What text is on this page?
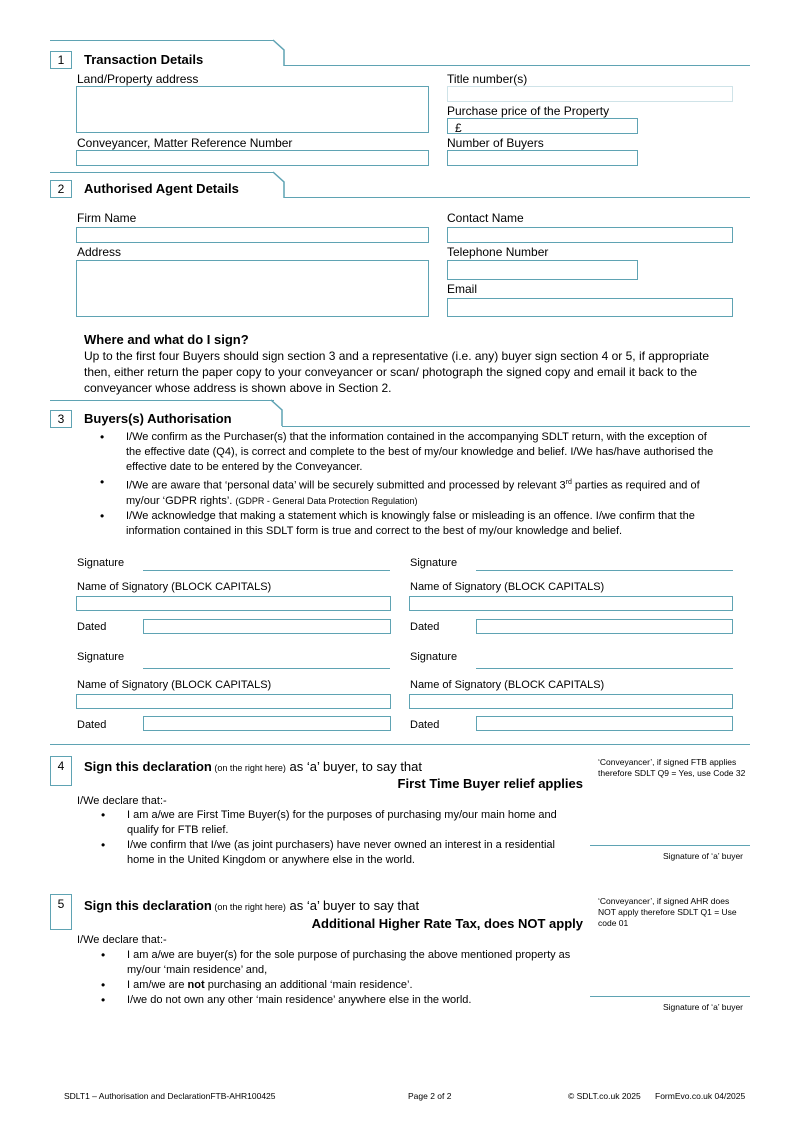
1	Transaction Details
Land/Property address	Title number(s)
Purchase price of the Property
£
Conveyancer, Matter Reference Number	Number of Buyers
2	Authorised Agent Details
Firm Name	Contact Name
Address	Telephone Number
Email
Where and what do I sign?
Up to the first four Buyers should sign section 3 and a representative (i.e. any) buyer sign section 4 or 5, if appropriate then, either return the paper copy to your conveyancer or scan/ photograph the signed copy and email it back to the conveyancer whose address is shown above in Section 2.
3	Buyers(s) Authorisation
• I/We confirm as the Purchaser(s) that the information contained in the accompanying SDLT return, with the exception of the effective date (Q4), is correct and complete to the best of my/our knowledge and belief. I/We has/have authorised the effective date to be entered by the Conveyancer.
• I/We are aware that ‘personal data’ will be securely submitted and processed by relevant 3rd parties as required and of my/our ‘GDPR rights’. (GDPR - General Data Protection Regulation)
• I/We acknowledge that making a statement which is knowingly false or misleading is an offence. I/we confirm that the information contained in this SDLT form is true and correct to the best of my/our knowledge and belief.
Signature	Signature
Name of Signatory (BLOCK CAPITALS)	Name of Signatory (BLOCK CAPITALS)
Dated	Dated
Signature	Signature
Name of Signatory (BLOCK CAPITALS)	Name of Signatory (BLOCK CAPITALS)
Dated	Dated
4	Sign this declaration (on the right here) as ‘a’ buyer, to say that
First Time Buyer relief applies
‘Conveyancer’, if signed FTB applies therefore SDLT Q9 = Yes, use Code 32
I/We declare that:-
• I am a/we are First Time Buyer(s) for the purposes of purchasing my/our main home and qualify for FTB relief.
• I/we confirm that I/we (as joint purchasers) have never owned an interest in a residential home in the United Kingdom or anywhere else in the world.	Signature of ‘a’ buyer
5	Sign this declaration (on the right here) as ‘a’ buyer to say that
Additional Higher Rate Tax, does NOT apply
‘Conveyancer’, if signed AHR does NOT apply therefore SDLT Q1 = Use code 01
I/We declare that:-
• I am a/we are buyer(s) for the sole purpose of purchasing the above mentioned property as my/our ‘main residence’ and,
• I am/we are not purchasing an additional ‘main residence’.
• I/we do not own any other ‘main residence’ anywhere else in the world.
Signature of ‘a’ buyer
SDLT1 – Authorisation and DeclarationFTB-AHR100425	Page 2 of 2	© SDLT.co.uk 2025 FormEvo.co.uk 04/2025
